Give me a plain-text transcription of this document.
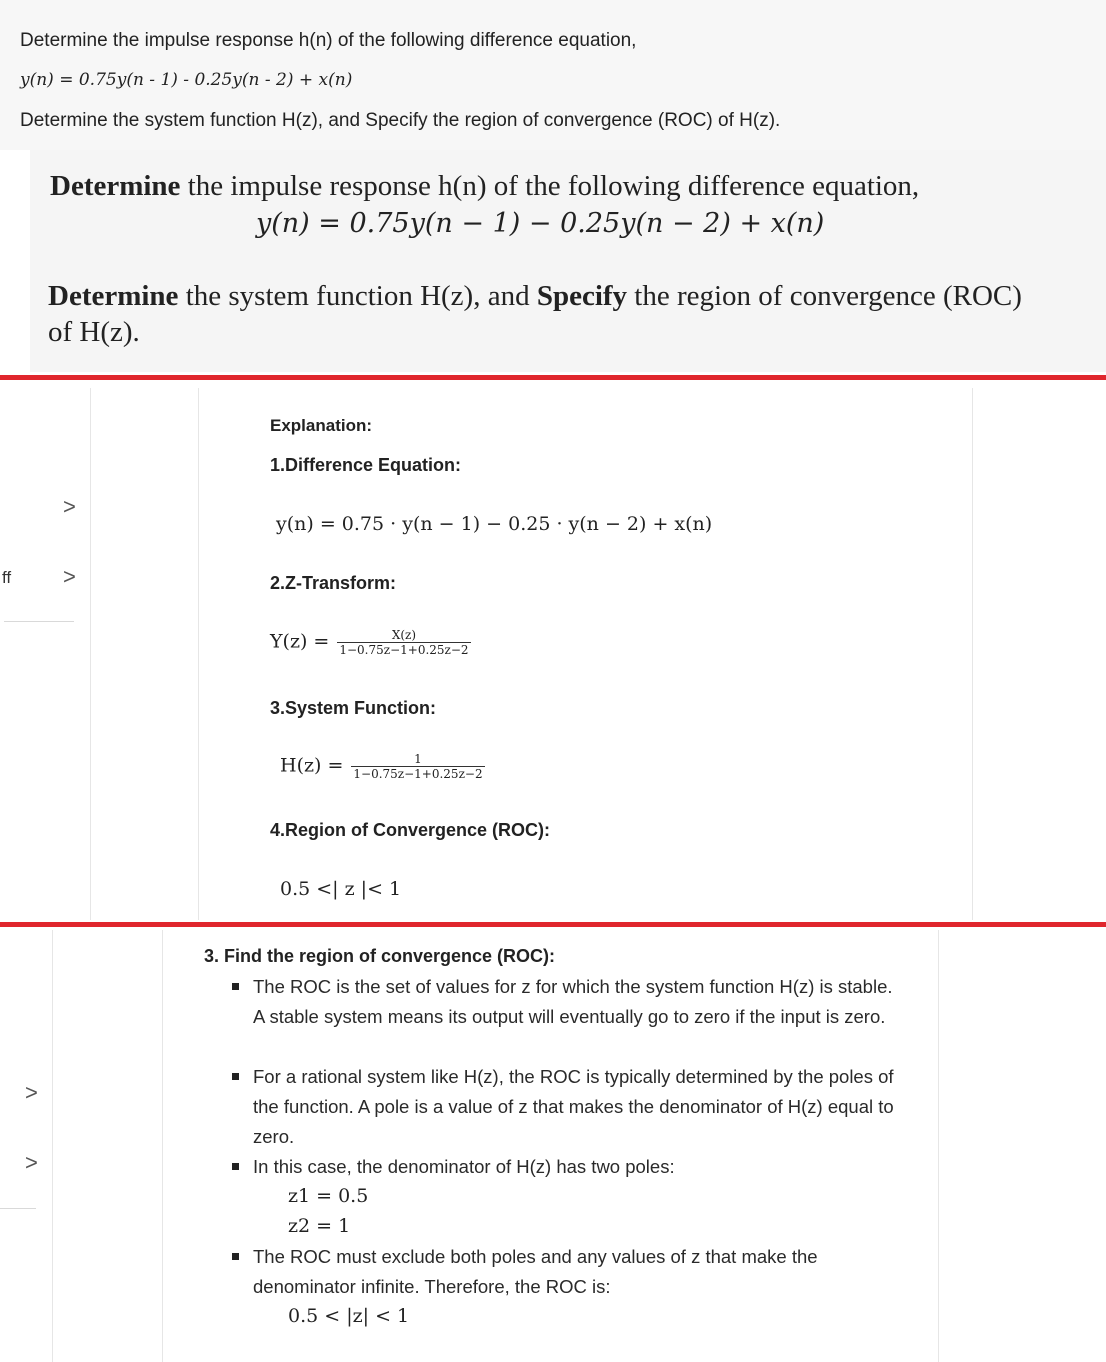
Determine the impulse response h(n) of the following difference equation,
y(n) = 0.75y(n - 1) - 0.25y(n - 2) + x(n)
Determine the system function H(z), and Specify the region of convergence (ROC) of H(z).
Determine the impulse response h(n) of the following difference equation,
y(n) = 0.75y(n − 1) − 0.25y(n − 2) + x(n)
Determine the system function H(z), and Specify the region of convergence (ROC)
of H(z).
ff
>
>
Explanation:
1.Difference Equation:
y(n) = 0.75 · y(n − 1) − 0.25 · y(n − 2) + x(n)
2.Z-Transform:
$Y(z) = \frac{X(z)}{1-0.75z-1+0.25z-2}$
3.System Function:
$H(z) = \frac{1}{1-0.75z-1+0.25z-2}$
4.Region of Convergence (ROC):
0.5 <| z |< 1
>
>
3. Find the region of convergence (ROC):
The ROC is the set of values for z for which the system function H(z) is stable. A stable system means its output will eventually go to zero if the input is zero.
For a rational system like H(z), the ROC is typically determined by the poles of the function. A pole is a value of z that makes the denominator of H(z) equal to zero.
In this case, the denominator of H(z) has two poles:
z1 = 0.5
z2 = 1
The ROC must exclude both poles and any values of z that make the denominator infinite. Therefore, the ROC is:
0.5 < |z| < 1
